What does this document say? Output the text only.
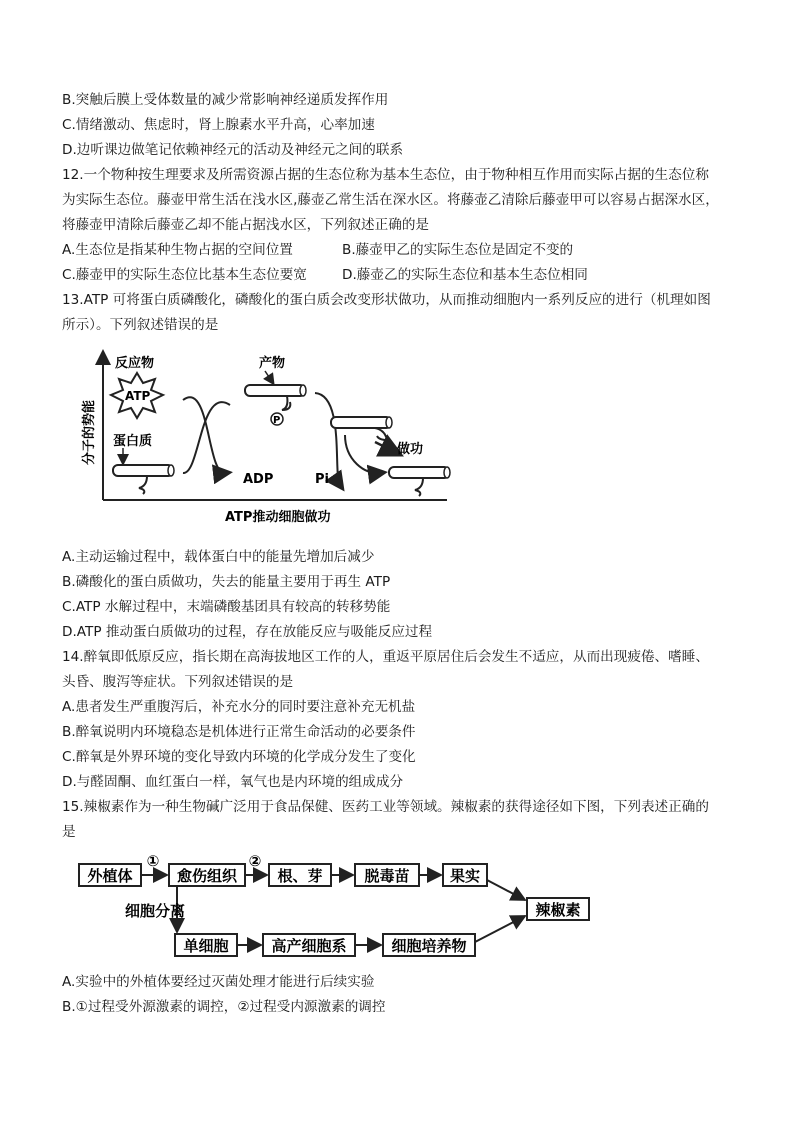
B.突触后膜上受体数量的减少常影响神经递质发挥作用
C.情绪激动、焦虑时，肾上腺素水平升高，心率加速
D.边听课边做笔记依赖神经元的活动及神经元之间的联系
12.一个物种按生理要求及所需资源占据的生态位称为基本生态位，由于物种相互作用而实际占据的生态位称
为实际生态位。藤壶甲常生活在浅水区,藤壶乙常生活在深水区。将藤壶乙清除后藤壶甲可以容易占据深水区，
将藤壶甲清除后藤壶乙却不能占据浅水区，下列叙述正确的是
A.生态位是指某种生物占据的空间位置	B.藤壶甲乙的实际生态位是固定不变的
C.藤壶甲的实际生态位比基本生态位要宽	D.藤壶乙的实际生态位和基本生态位相同
13.ATP 可将蛋白质磷酸化，磷酸化的蛋白质会改变形状做功，从而推动细胞内一系列反应的进行（机理如图
所示）。下列叙述错误的是
分子的势能
ATP推动细胞做功
反应物
ATP
蛋白质
ADP
产物
P
Pi
做功
A.主动运输过程中，载体蛋白中的能量先增加后减少
B.磷酸化的蛋白质做功，失去的能量主要用于再生 ATP
C.ATP 水解过程中，末端磷酸基团具有较高的转移势能
D.ATP 推动蛋白质做功的过程，存在放能反应与吸能反应过程
14.醉氧即低原反应，指长期在高海拔地区工作的人，重返平原居住后会发生不适应，从而出现疲倦、嗜睡、
头昏、腹泻等症状。下列叙述错误的是
A.患者发生严重腹泻后，补充水分的同时要注意补充无机盐
B.醉氧说明内环境稳态是机体进行正常生命活动的必要条件
C.醉氧是外界环境的变化导致内环境的化学成分发生了变化
D.与醛固酮、血红蛋白一样，氧气也是内环境的组成成分
15.辣椒素作为一种生物碱广泛用于食品保健、医药工业等领域。辣椒素的获得途径如下图，下列表述正确的
是
外植体
①
愈伤组织
②
根、芽	脱毒苗	果实
辣椒素
细胞分离
单细胞	高产细胞系	细胞培养物
A.实验中的外植体要经过灭菌处理才能进行后续实验
B.①过程受外源激素的调控，②过程受内源激素的调控
